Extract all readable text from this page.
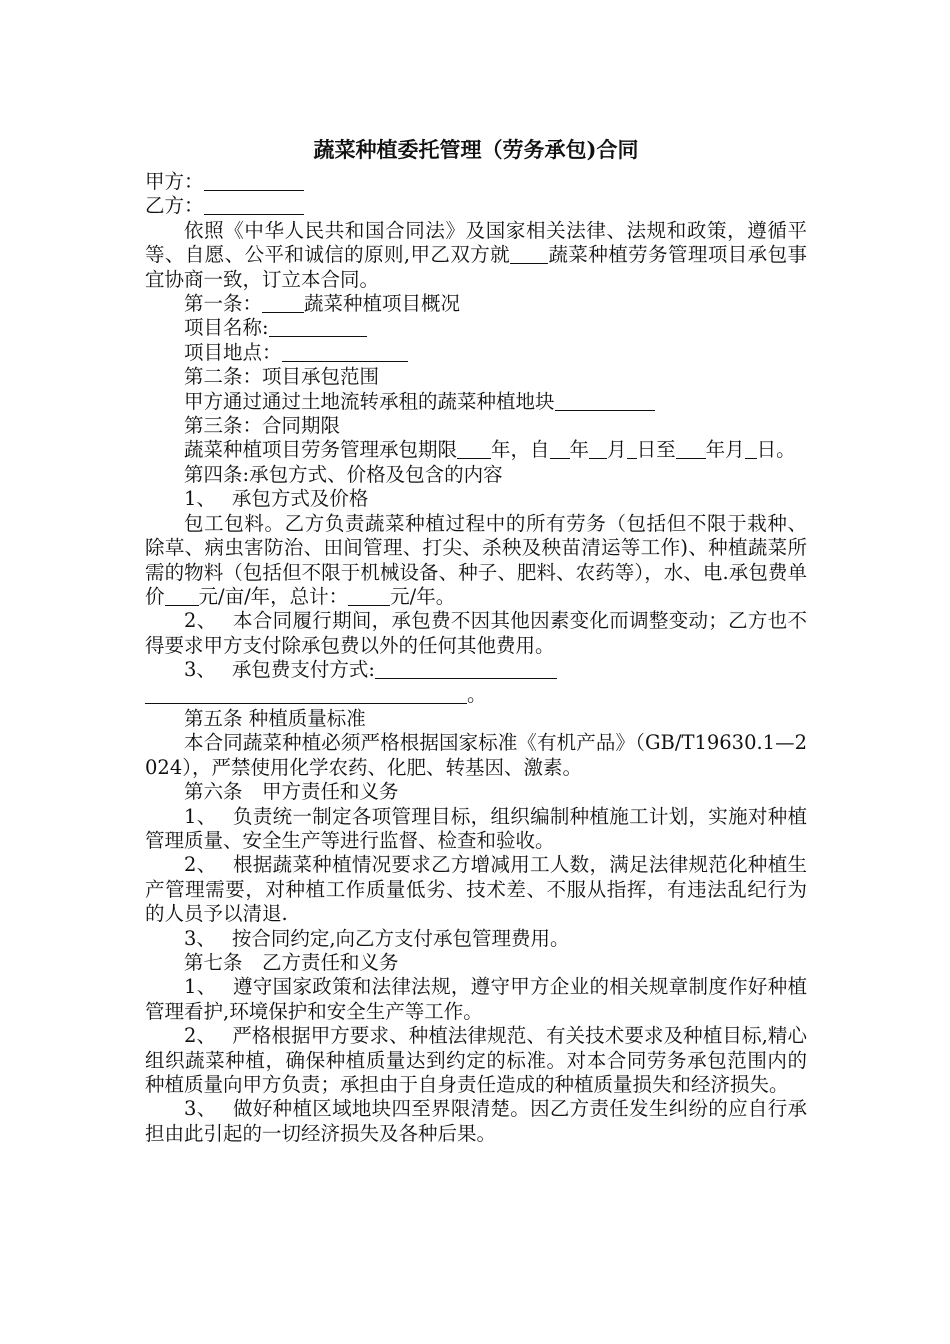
蔬菜种植委托管理（劳务承包)合同

甲方：

乙方：

依照《中华人民共和国合同法》及国家相关法律、法规和政策，遵循平等、自愿、公平和诚信的原则,甲乙双方就 蔬菜种植劳务管理项目承包事宜协商一致，订立本合同。

第一条： 蔬菜种植项目概况

项目名称:

项目地点：

第二条：项目承包范围

甲方通过通过土地流转承租的蔬菜种植地块

第三条：合同期限

蔬菜种植项目劳务管理承包期限 年，自 年 月 日至 年月 日。

第四条:承包方式、价格及包含的内容

1、　 承包方式及价格

包工包料。乙方负责蔬菜种植过程中的所有劳务（包括但不限于栽种、除草、病虫害防治、田间管理、打尖、杀秧及秧苗清运等工作)、种植蔬菜所需的物料（包括但不限于机械设备、种子、肥料、农药等），水、电.承包费单价 元/亩/年，总计： 元/年。

2、　 本合同履行期间，承包费不因其他因素变化而调整变动；乙方也不得要求甲方支付除承包费以外的任何其他费用。

3、　 承包费支付方式:

。

第五条 种植质量标准

本合同蔬菜种植必须严格根据国家标准《有机产品》（GB/T19630.1—2024），严禁使用化学农药、化肥、转基因、激素。

第六条　甲方责任和义务

1、　 负责统一制定各项管理目标，组织编制种植施工计划，实施对种植管理质量、安全生产等进行监督、检查和验收。

2、　 根据蔬菜种植情况要求乙方增减用工人数，满足法律规范化种植生产管理需要，对种植工作质量低劣、技术差、不服从指挥，有违法乱纪行为的人员予以清退.

3、　 按合同约定,向乙方支付承包管理费用。

第七条　乙方责任和义务

1、　 遵守国家政策和法律法规，遵守甲方企业的相关规章制度作好种植管理看护,环境保护和安全生产等工作。

2、　 严格根据甲方要求、种植法律规范、有关技术要求及种植目标,精心组织蔬菜种植，确保种植质量达到约定的标准。对本合同劳务承包范围内的种植质量向甲方负责；承担由于自身责任造成的种植质量损失和经济损失。

3、　 做好种植区域地块四至界限清楚。因乙方责任发生纠纷的应自行承担由此引起的一切经济损失及各种后果。
